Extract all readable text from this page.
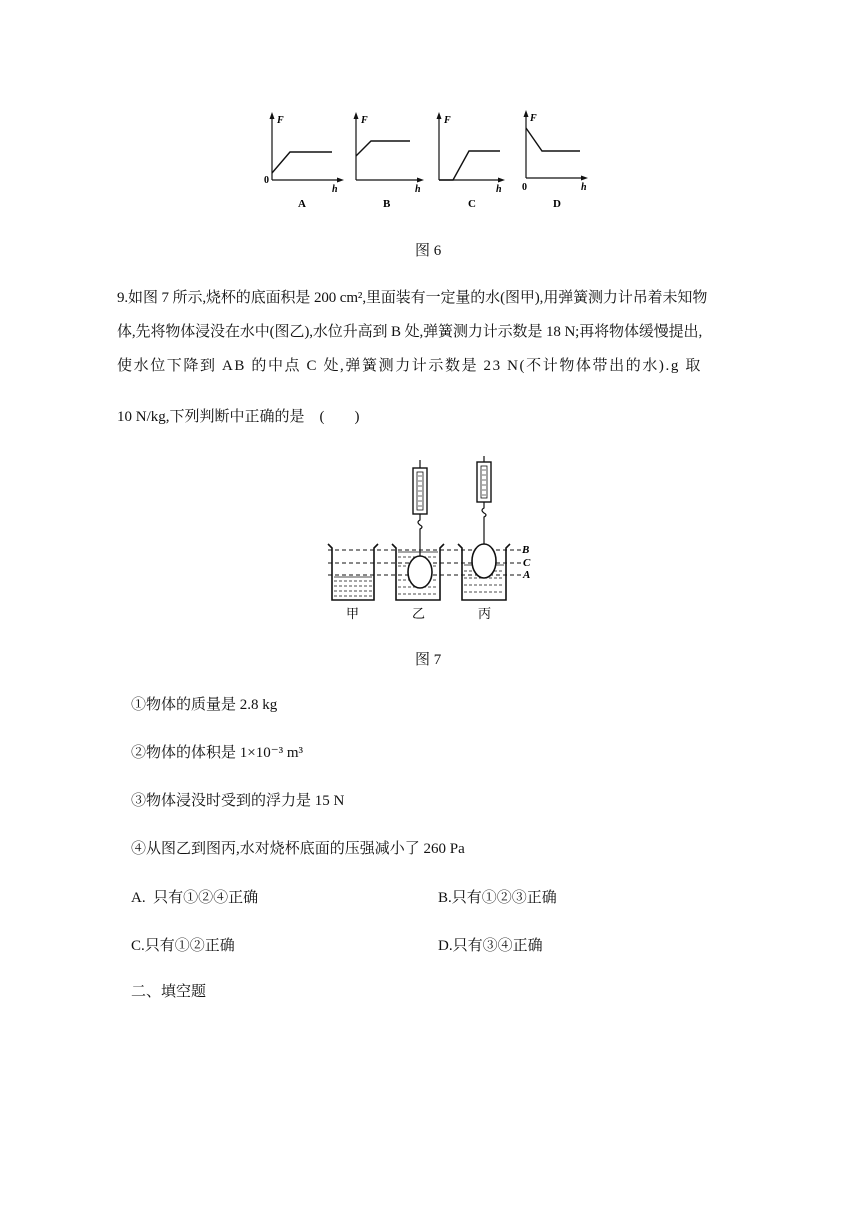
F
0
h
A
F
h
B
F
h
C
F
0	h
D
图 6
9.如图 7 所示,烧杯的底面积是 200 cm²,里面装有一定量的水(图甲),用弹簧测力计吊着未知物
体,先将物体浸没在水中(图乙),水位升高到 B 处,弹簧测力计示数是 18 N;再将物体缓慢提出,
使水位下降到 AB 的中点 C 处,弹簧测力计示数是 23 N(不计物体带出的水).g 取
10 N/kg,下列判断中正确的是　(　　)
B
C
A
甲	乙	丙
图 7
①物体的质量是 2.8 kg
②物体的体积是 1×10⁻³ m³
③物体浸没时受到的浮力是 15 N
④从图乙到图丙,水对烧杯底面的压强减小了 260 Pa
A.  只有①②④正确	B.只有①②③正确
C.只有①②正确	D.只有③④正确
二、填空题
